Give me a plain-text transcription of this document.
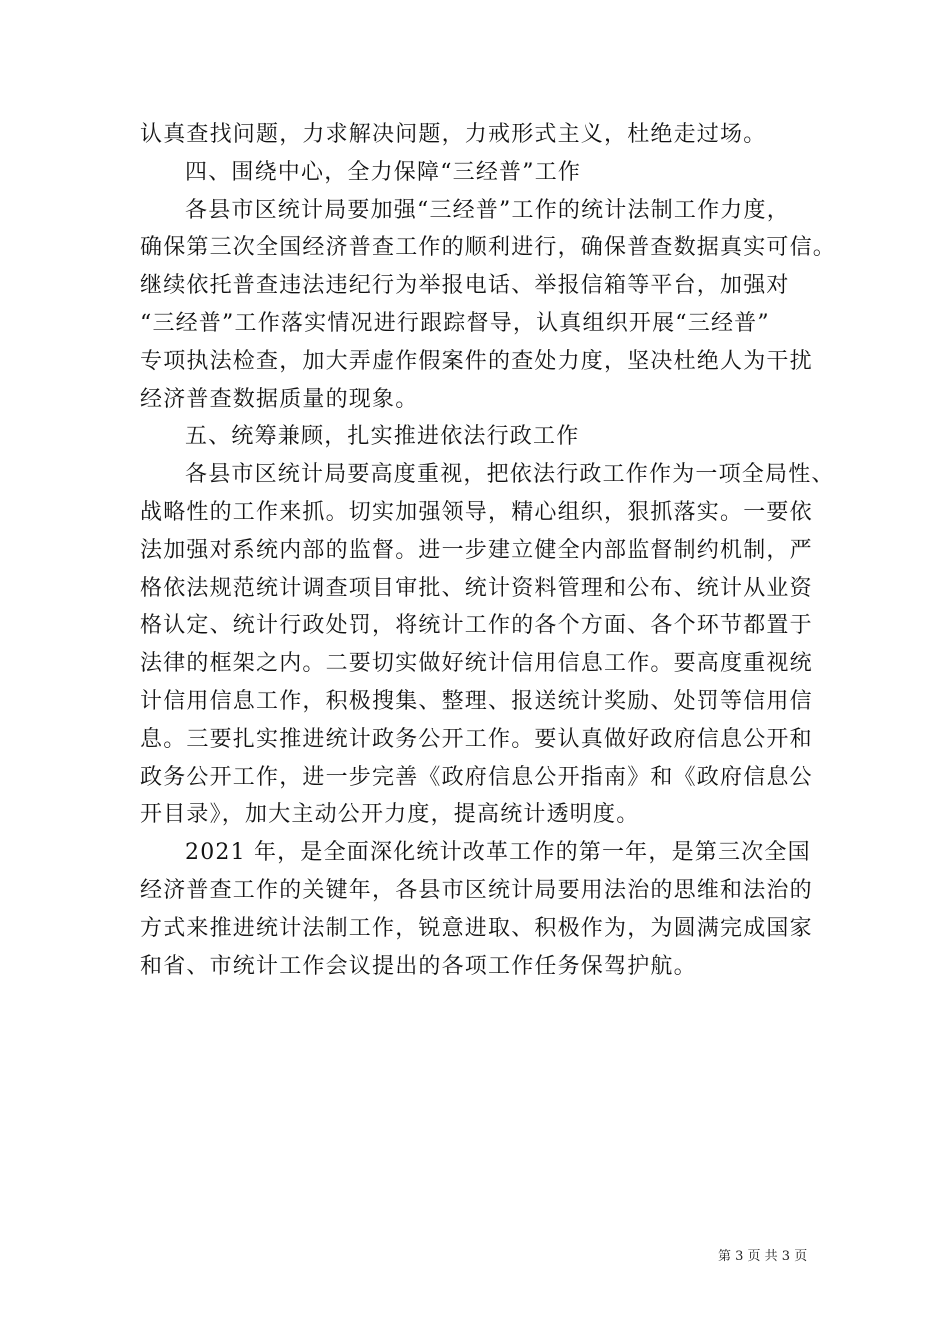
认真查找问题，力求解决问题，力戒形式主义，杜绝走过场。
四、围绕中心，全力保障“三经普”工作
各县市区统计局要加强“三经普”工作的统计法制工作力度，
确保第三次全国经济普查工作的顺利进行，确保普查数据真实可信。
继续依托普查违法违纪行为举报电话、举报信箱等平台，加强对
“三经普”工作落实情况进行跟踪督导，认真组织开展“三经普”
专项执法检查，加大弄虚作假案件的查处力度，坚决杜绝人为干扰
经济普查数据质量的现象。
五、统筹兼顾，扎实推进依法行政工作
各县市区统计局要高度重视，把依法行政工作作为一项全局性、
战略性的工作来抓。切实加强领导，精心组织，狠抓落实。一要依
法加强对系统内部的监督。进一步建立健全内部监督制约机制，严
格依法规范统计调查项目审批、统计资料管理和公布、统计从业资
格认定、统计行政处罚，将统计工作的各个方面、各个环节都置于
法律的框架之内。二要切实做好统计信用信息工作。要高度重视统
计信用信息工作，积极搜集、整理、报送统计奖励、处罚等信用信
息。三要扎实推进统计政务公开工作。要认真做好政府信息公开和
政务公开工作，进一步完善《政府信息公开指南》和《政府信息公
开目录》，加大主动公开力度，提高统计透明度。
2021 年，是全面深化统计改革工作的第一年，是第三次全国
经济普查工作的关键年，各县市区统计局要用法治的思维和法治的
方式来推进统计法制工作，锐意进取、积极作为，为圆满完成国家
和省、市统计工作会议提出的各项工作任务保驾护航。
第 3 页 共 3 页
